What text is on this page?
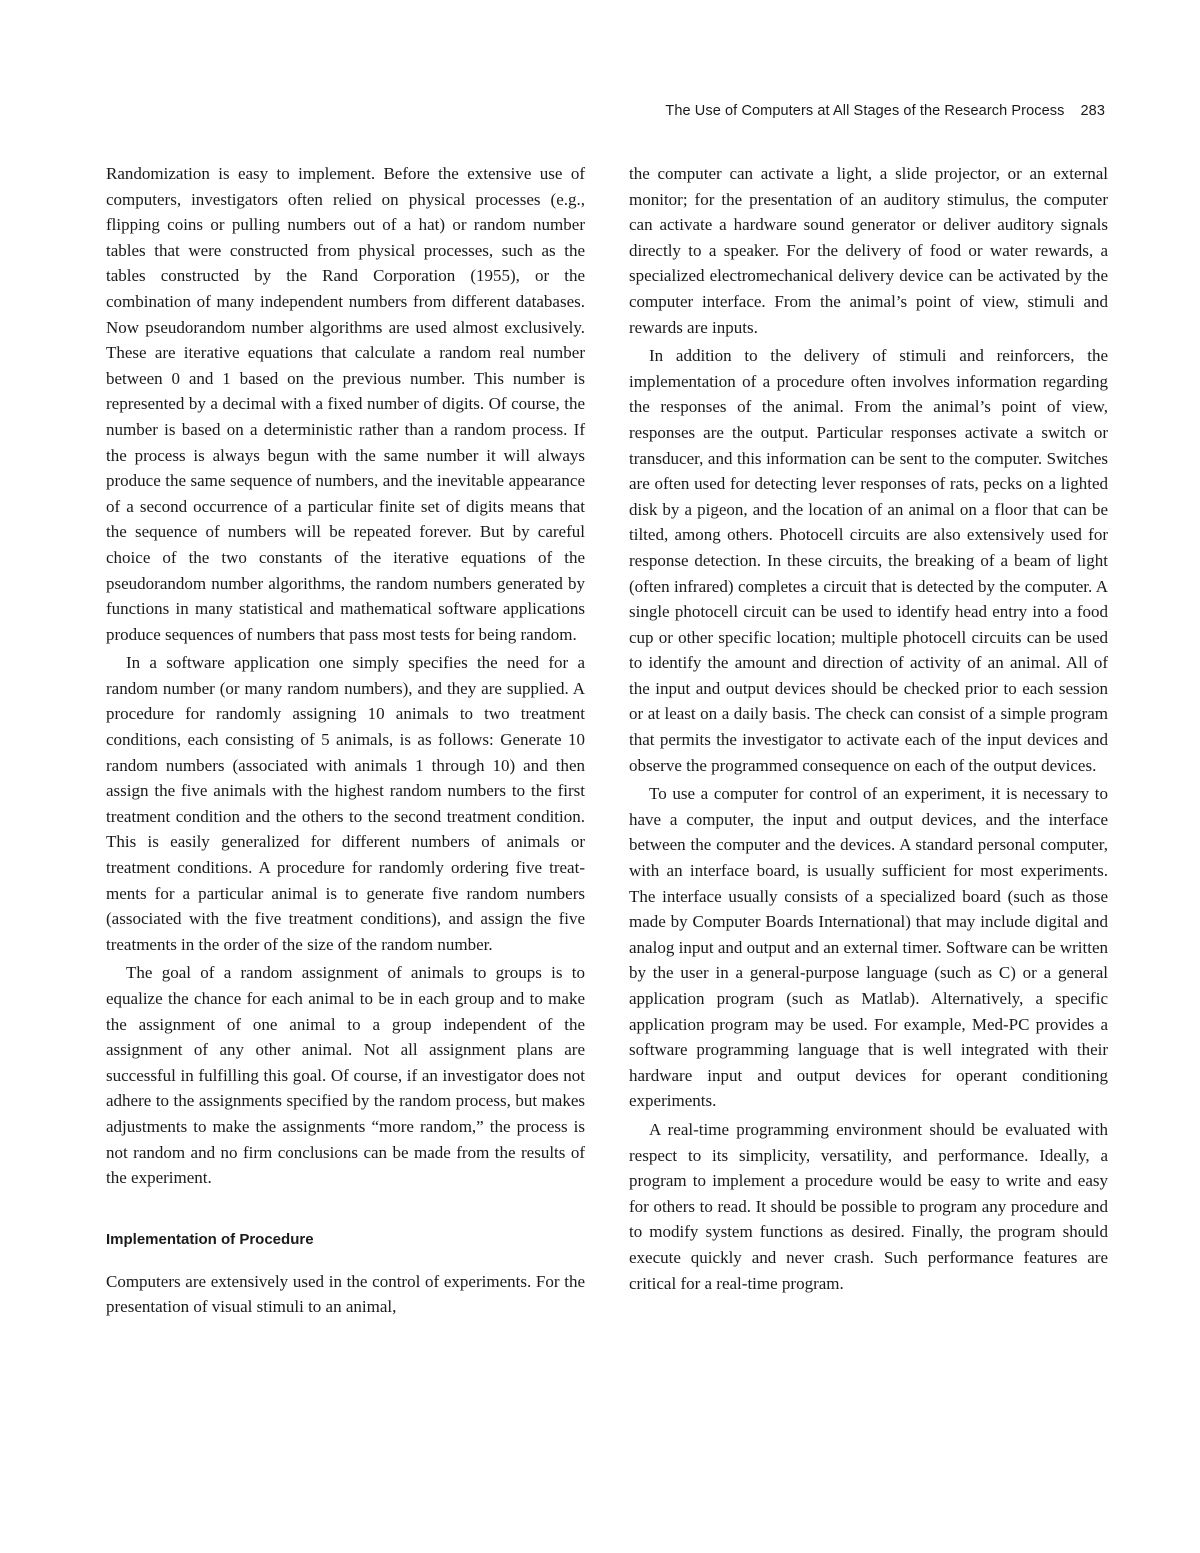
The Use of Computers at All Stages of the Research Process 283

Randomization is easy to implement. Before the extensive use of computers, investigators often relied on physical processes (e.g., flipping coins or pulling numbers out of a hat) or random number tables that were constructed from physical processes, such as the tables constructed by the Rand Corporation (1955), or the combination of many independent numbers from different databases. Now pseudorandom number algorithms are used almost exclusively. These are iterative equations that calculate a random real number between 0 and 1 based on the previous number. This number is represented by a decimal with a fixed number of digits. Of course, the number is based on a deterministic rather than a random process. If the process is always begun with the same number it will always produce the same sequence of numbers, and the inevitable appearance of a second occurrence of a particular finite set of digits means that the sequence of numbers will be repeated forever. But by careful choice of the two constants of the iterative equations of the pseudorandom number algorithms, the random numbers generated by functions in many statistical and mathematical software applications produce sequences of numbers that pass most tests for being random.

In a software application one simply specifies the need for a random number (or many random numbers), and they are supplied. A procedure for randomly assigning 10 animals to two treatment conditions, each consisting of 5 animals, is as follows: Generate 10 random numbers (associated with animals 1 through 10) and then assign the five animals with the highest random numbers to the first treatment condition and the others to the second treatment condition. This is easily generalized for different numbers of animals or treatment conditions. A procedure for randomly ordering five treatments for a particular animal is to generate five random numbers (associated with the five treatment conditions), and assign the five treatments in the order of the size of the random number.

The goal of a random assignment of animals to groups is to equalize the chance for each animal to be in each group and to make the assignment of one animal to a group independent of the assignment of any other animal. Not all assignment plans are successful in fulfilling this goal. Of course, if an investigator does not adhere to the assignments specified by the random process, but makes adjustments to make the assignments “more random,” the process is not random and no firm conclusions can be made from the results of the experiment.

Implementation of Procedure

Computers are extensively used in the control of experiments. For the presentation of visual stimuli to an animal,

the computer can activate a light, a slide projector, or an external monitor; for the presentation of an auditory stimulus, the computer can activate a hardware sound generator or deliver auditory signals directly to a speaker. For the delivery of food or water rewards, a specialized electromechanical delivery device can be activated by the computer interface. From the animal’s point of view, stimuli and rewards are inputs.

In addition to the delivery of stimuli and reinforcers, the implementation of a procedure often involves information regarding the responses of the animal. From the animal’s point of view, responses are the output. Particular responses activate a switch or transducer, and this information can be sent to the computer. Switches are often used for detecting lever responses of rats, pecks on a lighted disk by a pigeon, and the location of an animal on a floor that can be tilted, among others. Photocell circuits are also extensively used for response detection. In these circuits, the breaking of a beam of light (often infrared) completes a circuit that is detected by the computer. A single photocell circuit can be used to identify head entry into a food cup or other specific location; multiple photocell circuits can be used to identify the amount and direction of activity of an animal. All of the input and output devices should be checked prior to each session or at least on a daily basis. The check can consist of a simple program that permits the investigator to activate each of the input devices and observe the programmed consequence on each of the output devices.

To use a computer for control of an experiment, it is necessary to have a computer, the input and output devices, and the interface between the computer and the devices. A standard personal computer, with an interface board, is usually sufficient for most experiments. The interface usually consists of a specialized board (such as those made by Computer Boards International) that may include digital and analog input and output and an external timer. Software can be written by the user in a general-purpose language (such as C) or a general application program (such as Matlab). Alternatively, a specific application program may be used. For example, Med-PC provides a software programming language that is well integrated with their hardware input and output devices for operant conditioning experiments.

A real-time programming environment should be evaluated with respect to its simplicity, versatility, and performance. Ideally, a program to implement a procedure would be easy to write and easy for others to read. It should be possible to program any procedure and to modify system functions as desired. Finally, the program should execute quickly and never crash. Such performance features are critical for a real-time program.
